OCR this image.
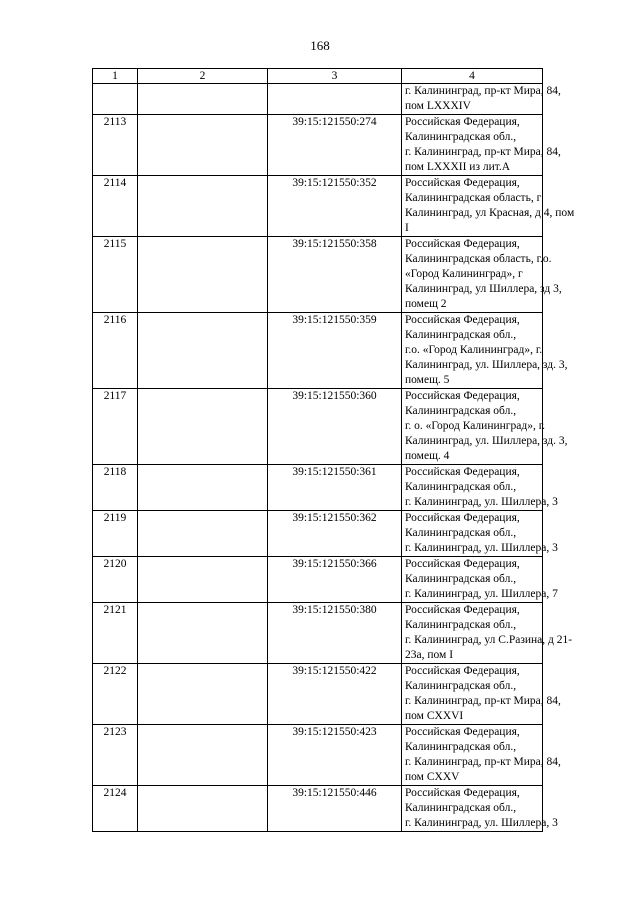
168
1	2	3	4

			г. Калининград, пр-кт Мира, 84,
пом LXXXIV

2113		39:15:121550:274	Российская Федерация,
Калининградская обл.,
г. Калининград, пр-кт Мира, 84,
пом LXXXII из лит.А

2114		39:15:121550:352	Российская Федерация,
Калининградская область, г
Калининград, ул Красная, д 4, пом
I

2115		39:15:121550:358	Российская Федерация,
Калининградская область, г.о.
«Город Калининград», г
Калининград, ул Шиллера, зд 3,
помещ 2

2116		39:15:121550:359	Российская Федерация,
Калининградская обл.,
г.о. «Город Калининград», г.
Калининград, ул. Шиллера, зд. 3,
помещ. 5

2117		39:15:121550:360	Российская Федерация,
Калининградская обл.,
г. о. «Город Калининград», г.
Калининград, ул. Шиллера, зд. 3,
помещ. 4

2118		39:15:121550:361	Российская Федерация,
Калининградская обл.,
г. Калининград, ул. Шиллера, 3

2119		39:15:121550:362	Российская Федерация,
Калининградская обл.,
г. Калининград, ул. Шиллера, 3

2120		39:15:121550:366	Российская Федерация,
Калининградская обл.,
г. Калининград, ул. Шиллера, 7

2121		39:15:121550:380	Российская Федерация,
Калининградская обл.,
г. Калининград, ул С.Разина, д 21-
23а, пом I

2122		39:15:121550:422	Российская Федерация,
Калининградская обл.,
г. Калининград, пр-кт Мира, 84,
пом CXXVI

2123		39:15:121550:423	Российская Федерация,
Калининградская обл.,
г. Калининград, пр-кт Мира, 84,
пом CXXV

2124		39:15:121550:446	Российская Федерация,
Калининградская обл.,
г. Калининград, ул. Шиллера, 3
